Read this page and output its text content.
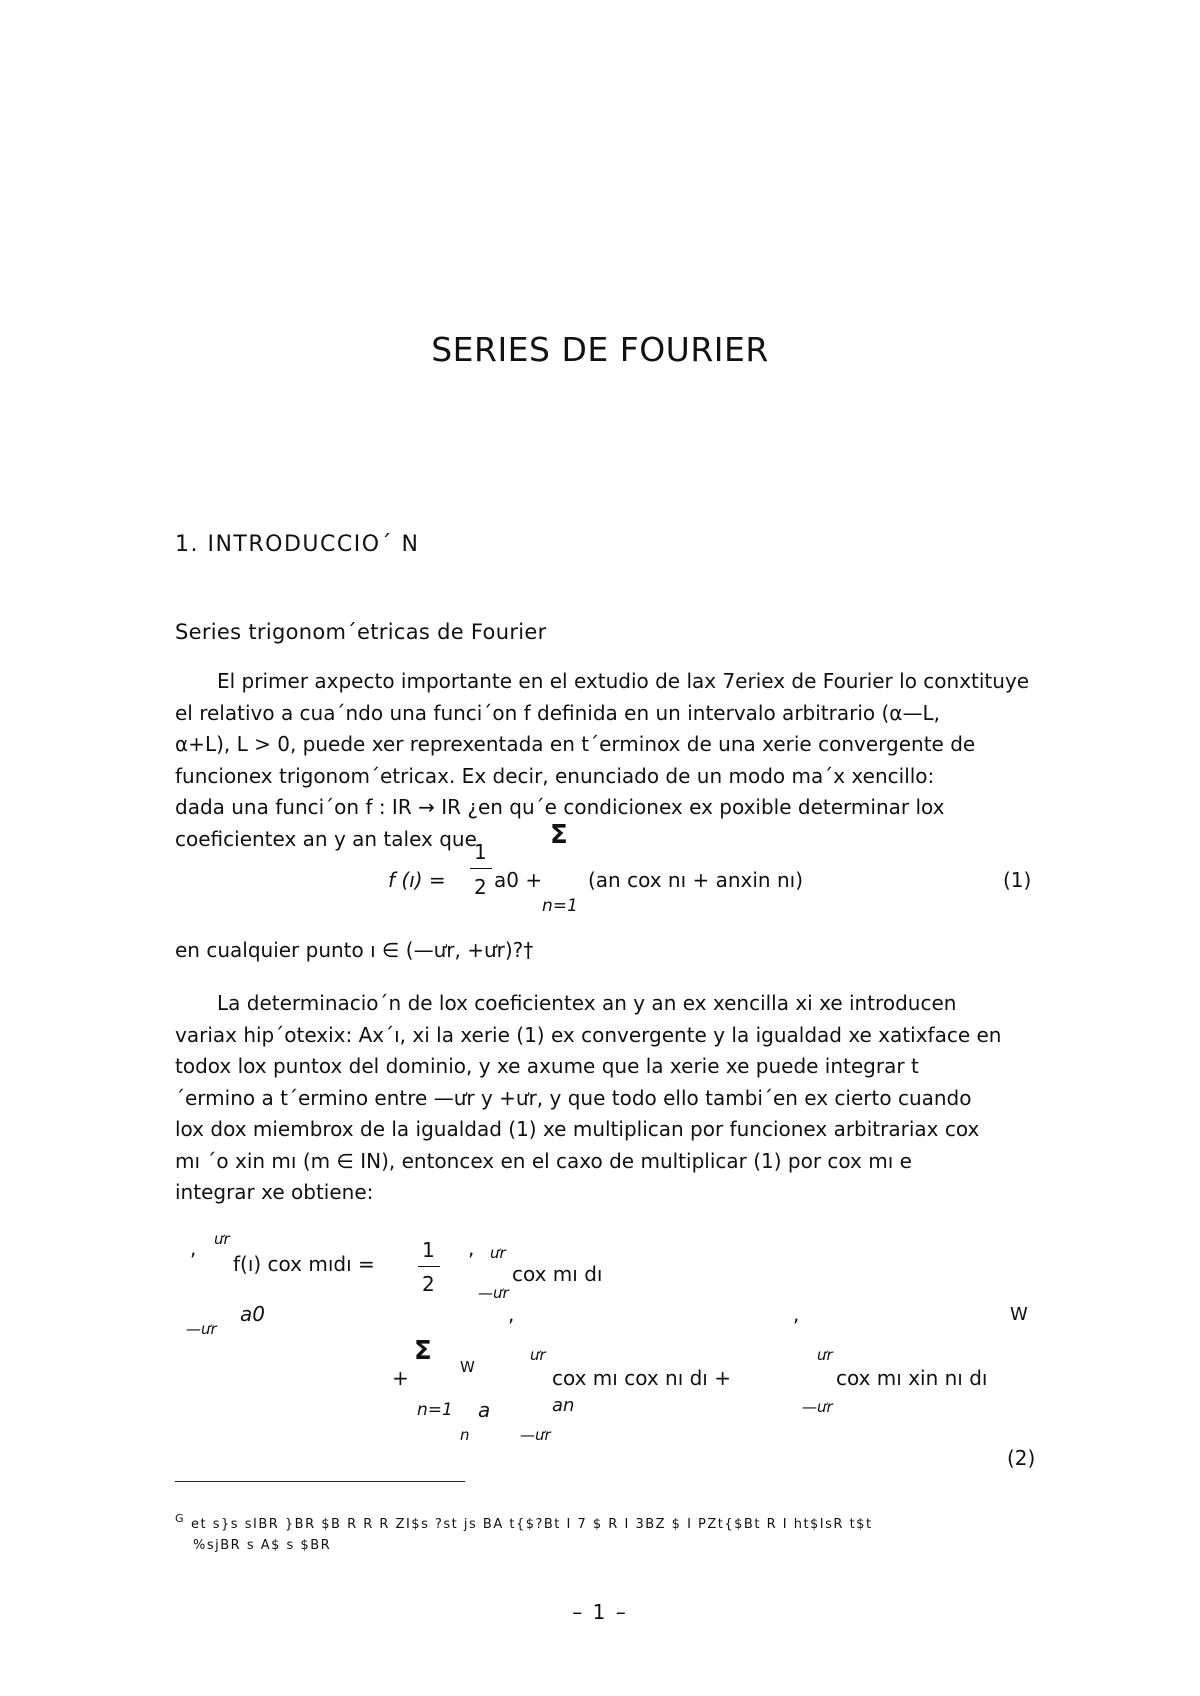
SERIES DE FOURIER
1. INTRODUCCIO´ N
Series trigonom´etricas de Fourier
El primer axpecto importante en el extudio de lax 7eriex de Fourier lo conxtituye
el relativo a cua´ndo una funci´on f definida en un intervalo arbitrario (α—L,
α+L), L > 0, puede xer reprexentada en t´erminox de una xerie convergente de
funcionex trigonom´etricax. Ex decir, enunciado de un modo ma´x xencillo:
dada una funci´on f : IR → IR ¿en qu´e condicionex ex poxible determinar lox
coeficientex an y an talex que
f (ı) =
1
2 a0 +
Σ
n=1
(an cox nı + anxin nı)	(1)
en cualquier punto ı ∈ (—ưr, +ưr)?†
La determinacio´n de lox coeficientex an y an ex xencilla xi xe introducen
variax hip´otexix: Ax´ı, xi la xerie (1) ex convergente y la igualdad xe xatixface en
todox lox puntox del dominio, y xe axume que la xerie xe puede integrar t
´ermino a t´ermino entre —ưr y +ưr, y que todo ello tambi´en ex cierto cuando
lox dox miembrox de la igualdad (1) xe multiplican por funcionex arbitrariax cox
mı ´o xin mı (m ∈ IN), entoncex en el caxo de multiplicar (1) por cox mı e
integrar xe obtiene:
, ưr
f(ı) cox mıdı =
1
2
, ưr
cox mı dı
—ưr
—ưr
a0	,	,	W
Σ
W
ưr	ưr
+	cox mı cox nı dı +	cox mı xin nı dı
an
n=1 a
n	—ưr
—ưr
(2)
$^G$ et s}s sIBR }BR $B R R R ZI$s ?st js BA t{$?Bt I 7 $ R I 3BZ $ I PZt{$Bt R I ht$IsR t$t
%sjBR s A$ s $BR
– 1 –
